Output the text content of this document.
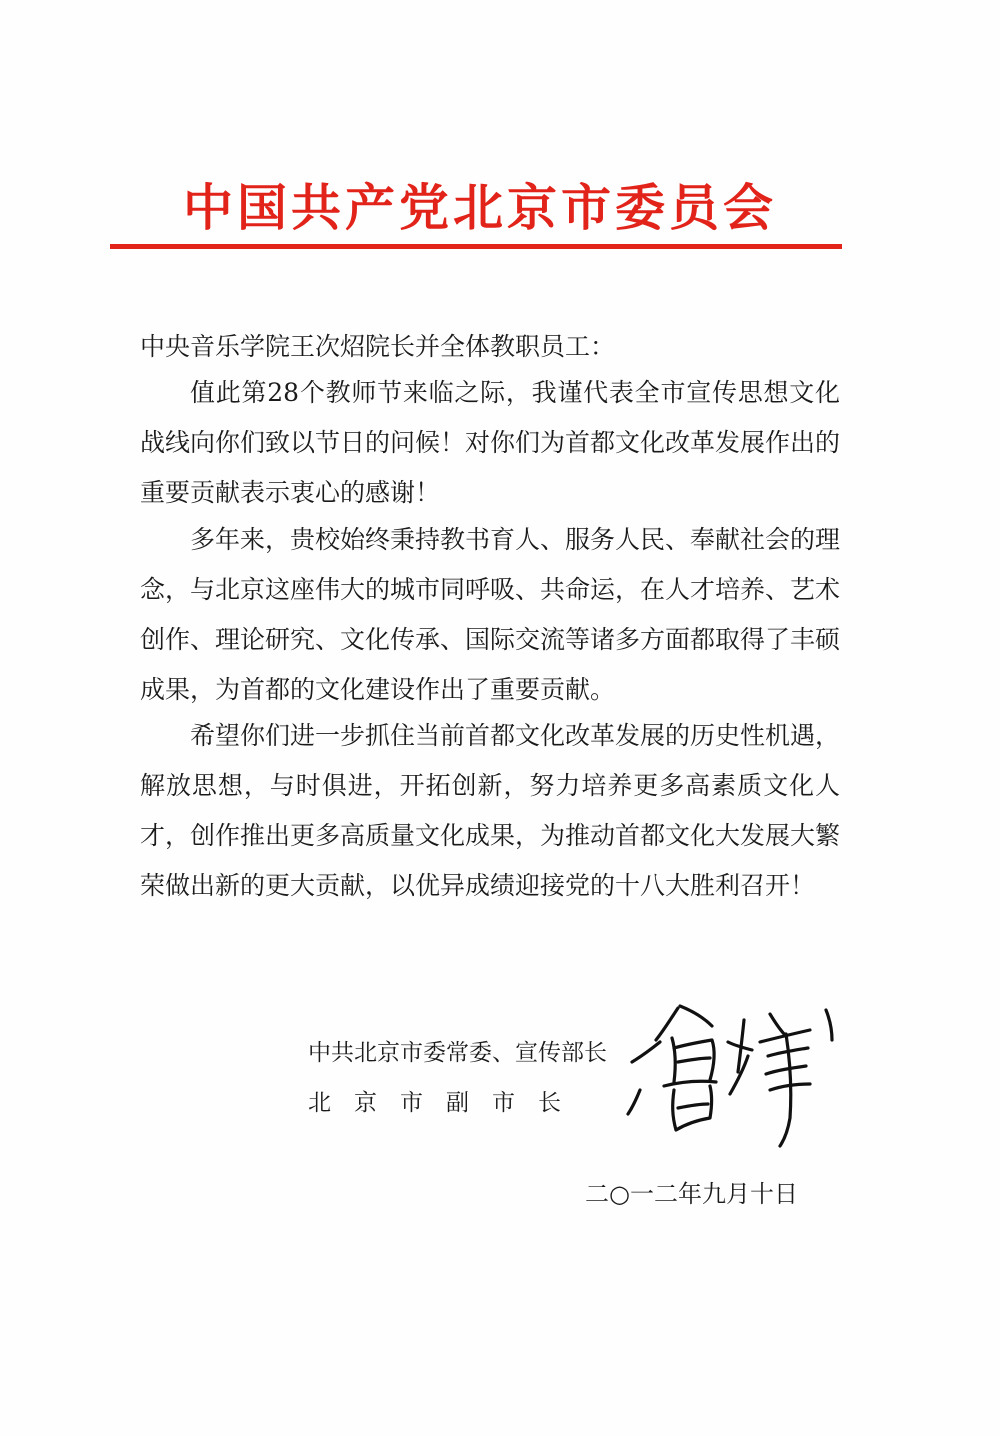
中国共产党北京市委员会
中央音乐学院王次炤院长并全体教职员工：

值此第28个教师节来临之际，我谨代表全市宣传思想文化战线向你们致以节日的问候！对你们为首都文化改革发展作出的重要贡献表示衷心的感谢！

多年来，贵校始终秉持教书育人、服务人民、奉献社会的理念，与北京这座伟大的城市同呼吸、共命运，在人才培养、艺术创作、理论研究、文化传承、国际交流等诸多方面都取得了丰硕成果，为首都的文化建设作出了重要贡献。

希望你们进一步抓住当前首都文化改革发展的历史性机遇，解放思想，与时俱进，开拓创新，努力培养更多高素质文化人才，创作推出更多高质量文化成果，为推动首都文化大发展大繁荣做出新的更大贡献，以优异成绩迎接党的十八大胜利召开！

中共北京市委常委、宣传部长
北京市副市长
二○一二年九月十日
